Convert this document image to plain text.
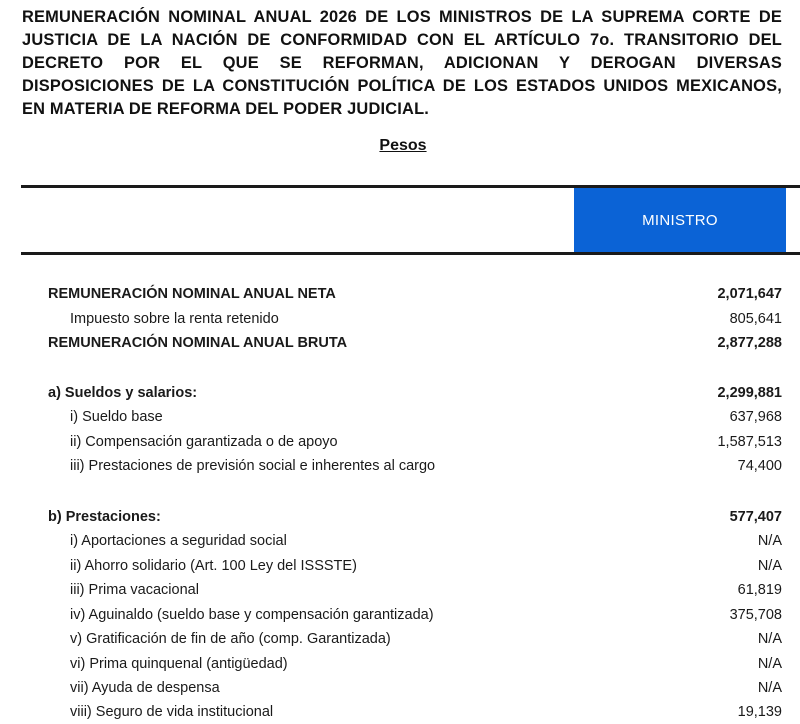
REMUNERACIÓN NOMINAL ANUAL 2026 DE LOS MINISTROS DE LA SUPREMA CORTE DE
JUSTICIA DE LA NACIÓN DE CONFORMIDAD CON EL ARTÍCULO 7o. TRANSITORIO DEL
DECRETO POR EL QUE SE REFORMAN, ADICIONAN Y DEROGAN DIVERSAS
DISPOSICIONES DE LA CONSTITUCIÓN POLÍTICA DE LOS ESTADOS UNIDOS MEXICANOS,
EN MATERIA DE REFORMA DEL PODER JUDICIAL.
Pesos
MINISTRO
REMUNERACIÓN NOMINAL ANUAL NETA	2,071,647
Impuesto sobre la renta retenido	805,641
REMUNERACIÓN NOMINAL ANUAL BRUTA	2,877,288
a) Sueldos y salarios:	2,299,881
i) Sueldo base	637,968
ii) Compensación garantizada o de apoyo	1,587,513
iii) Prestaciones de previsión social e inherentes al cargo	74,400
b) Prestaciones:	577,407
i) Aportaciones a seguridad social	N/A
ii) Ahorro solidario (Art. 100 Ley del ISSSTE)	N/A
iii) Prima vacacional	61,819
iv) Aguinaldo (sueldo base y compensación garantizada)	375,708
v) Gratificación de fin de año (comp. Garantizada)	N/A
vi) Prima quinquenal (antigüedad)	N/A
vii) Ayuda de despensa	N/A
viii) Seguro de vida institucional	19,139
